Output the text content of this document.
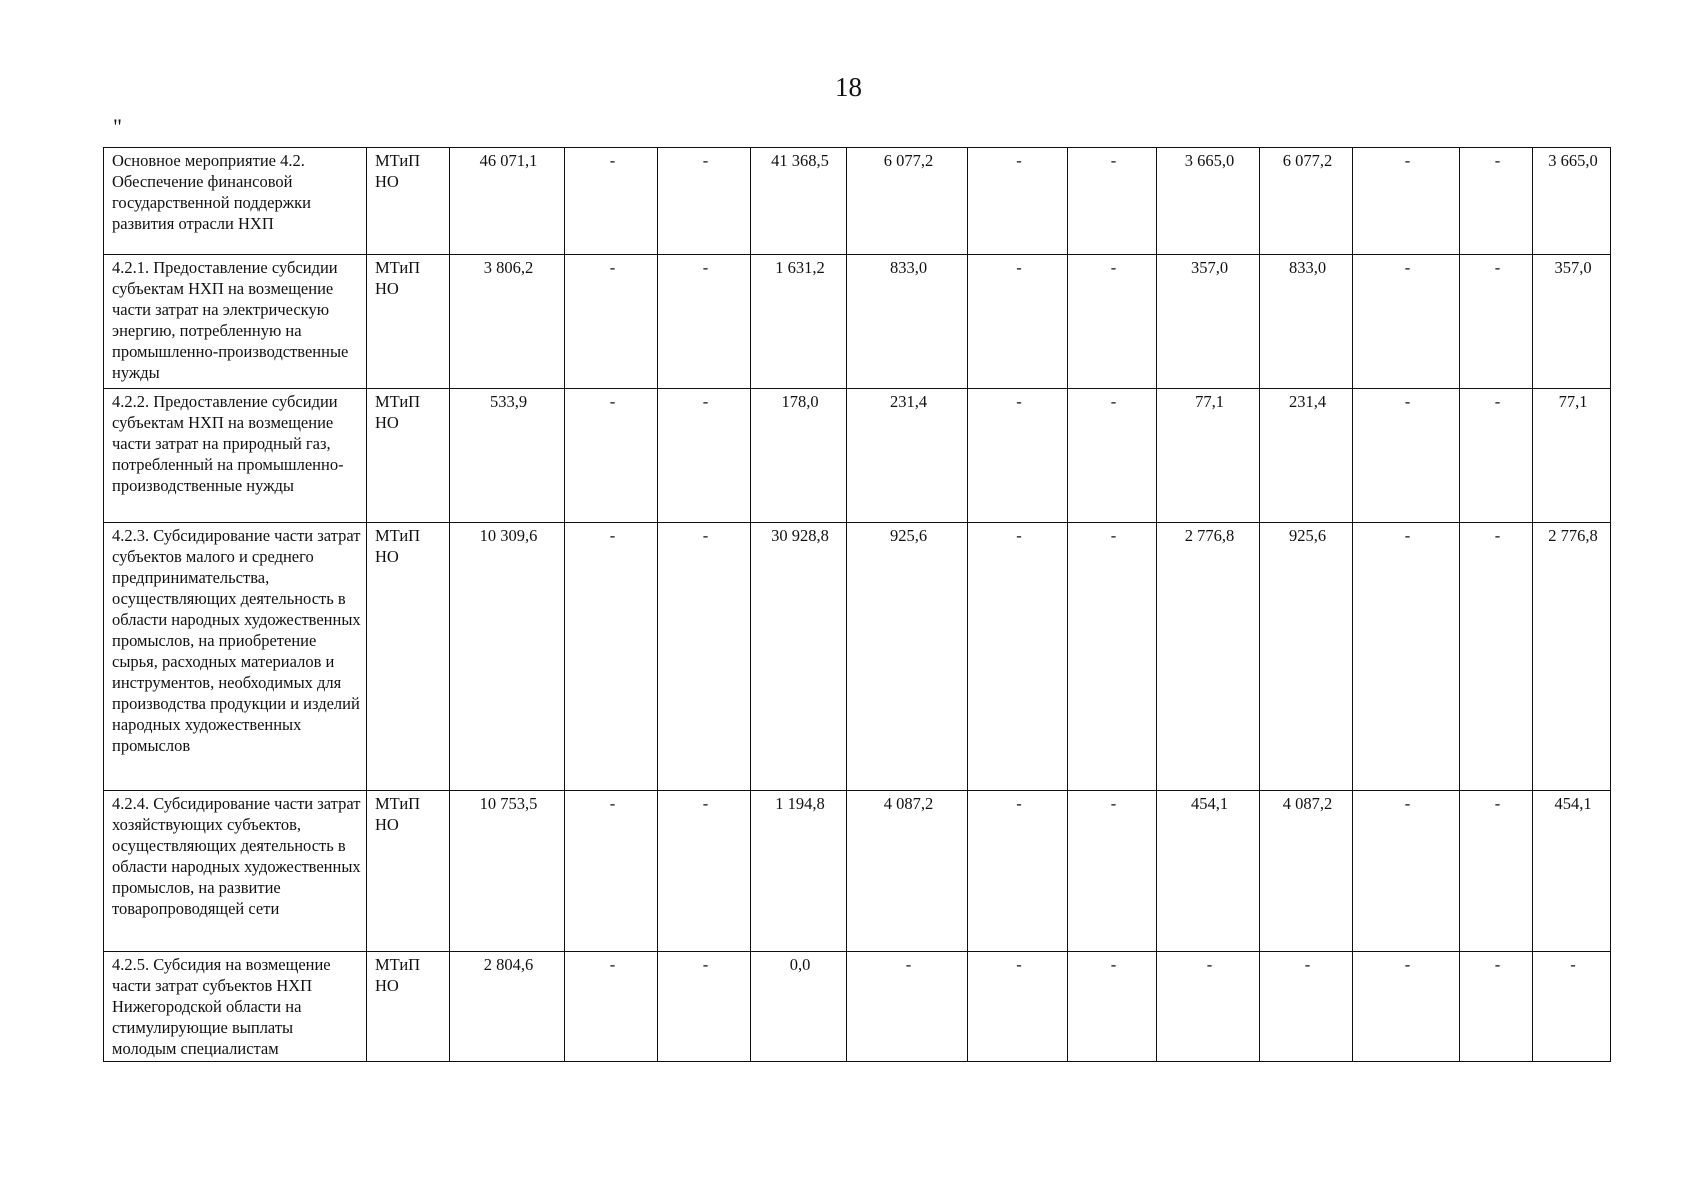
18
"
Основное мероприятие 4.2. Обеспечение финансовой государственной поддержки развития отрасли НХП	МТиП НО	46 071,1	-	-	41 368,5	6 077,2	-	-	3 665,0	6 077,2	-	-	3 665,0
4.2.1. Предоставление субсидии субъектам НХП на возмещение части затрат на электрическую энергию, потребленную на промышленно-производственные нужды	МТиП НО	3 806,2	-	-	1 631,2	833,0	-	-	357,0	833,0	-	-	357,0
4.2.2. Предоставление субсидии субъектам НХП на возмещение части затрат на природный газ, потребленный на промышленно-производственные нужды	МТиП НО	533,9	-	-	178,0	231,4	-	-	77,1	231,4	-	-	77,1
4.2.3. Субсидирование части затрат субъектов малого и среднего предпринимательства, осуществляющих деятельность в области народных художественных промыслов, на приобретение сырья, расходных материалов и инструментов, необходимых для производства продукции и изделий народных художественных промыслов	МТиП НО	10 309,6	-	-	30 928,8	925,6	-	-	2 776,8	925,6	-	-	2 776,8
4.2.4. Субсидирование части затрат хозяйствующих субъектов, осуществляющих деятельность в области народных художественных промыслов, на развитие товаропроводящей сети	МТиП НО	10 753,5	-	-	1 194,8	4 087,2	-	-	454,1	4 087,2	-	-	454,1
4.2.5. Субсидия на возмещение части затрат субъектов НХП Нижегородской области на стимулирующие выплаты молодым специалистам	МТиП НО	2 804,6	-	-	0,0	-	-	-	-	-	-	-	-
